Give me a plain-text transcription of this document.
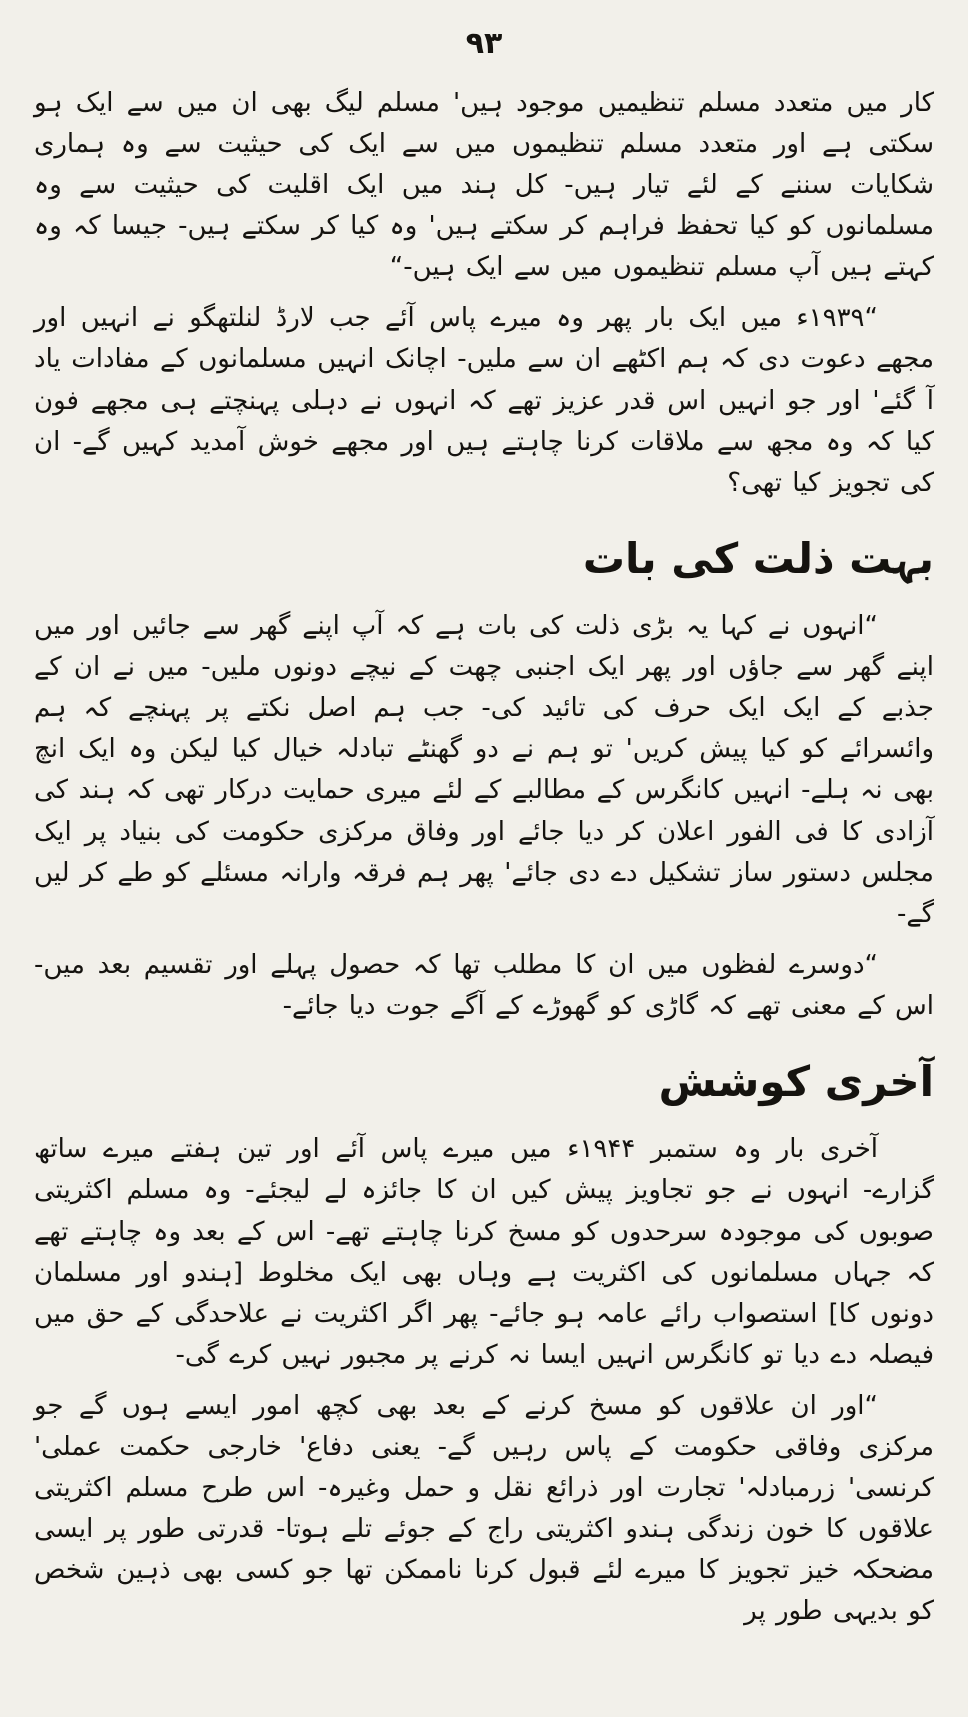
۹۳

کار میں متعدد مسلم تنظیمیں موجود ہیں' مسلم لیگ بھی ان میں سے ایک ہو سکتی ہے اور متعدد مسلم تنظیموں میں سے ایک کی حیثیت سے وہ ہماری شکایات سننے کے لئے تیار ہیں- کل ہند میں ایک اقلیت کی حیثیت سے وہ مسلمانوں کو کیا تحفظ فراہم کر سکتے ہیں' وہ کیا کر سکتے ہیں- جیسا کہ وہ کہتے ہیں آپ مسلم تنظیموں میں سے ایک ہیں-“

“۱۹۳۹ء میں ایک بار پھر وہ میرے پاس آئے جب لارڈ لنلتھگو نے انہیں اور مجھے دعوت دی کہ ہم اکٹھے ان سے ملیں- اچانک انہیں مسلمانوں کے مفادات یاد آ گئے' اور جو انہیں اس قدر عزیز تھے کہ انہوں نے دہلی پہنچتے ہی مجھے فون کیا کہ وہ مجھ سے ملاقات کرنا چاہتے ہیں اور مجھے خوش آمدید کہیں گے- ان کی تجویز کیا تھی؟

بہت ذلت کی بات

“انہوں نے کہا یہ بڑی ذلت کی بات ہے کہ آپ اپنے گھر سے جائیں اور میں اپنے گھر سے جاؤں اور پھر ایک اجنبی چھت کے نیچے دونوں ملیں- میں نے ان کے جذبے کے ایک ایک حرف کی تائید کی- جب ہم اصل نکتے پر پہنچے کہ ہم وائسرائے کو کیا پیش کریں' تو ہم نے دو گھنٹے تبادلہ خیال کیا لیکن وہ ایک انچ بھی نہ ہلے- انہیں کانگرس کے مطالبے کے لئے میری حمایت درکار تھی کہ ہند کی آزادی کا فی الفور اعلان کر دیا جائے اور وفاق مرکزی حکومت کی بنیاد پر ایک مجلس دستور ساز تشکیل دے دی جائے' پھر ہم فرقہ وارانہ مسئلے کو طے کر لیں گے-

“دوسرے لفظوں میں ان کا مطلب تھا کہ حصول پہلے اور تقسیم بعد میں- اس کے معنی تھے کہ گاڑی کو گھوڑے کے آگے جوت دیا جائے-

آخری کوشش

آخری بار وہ ستمبر ۱۹۴۴ء میں میرے پاس آئے اور تین ہفتے میرے ساتھ گزارے- انہوں نے جو تجاویز پیش کیں ان کا جائزہ لے لیجئے- وہ مسلم اکثریتی صوبوں کی موجودہ سرحدوں کو مسخ کرنا چاہتے تھے- اس کے بعد وہ چاہتے تھے کہ جہاں مسلمانوں کی اکثریت ہے وہاں بھی ایک مخلوط [ہندو اور مسلمان دونوں کا] استصواب رائے عامہ ہو جائے- پھر اگر اکثریت نے علاحدگی کے حق میں فیصلہ دے دیا تو کانگرس انہیں ایسا نہ کرنے پر مجبور نہیں کرے گی-

“اور ان علاقوں کو مسخ کرنے کے بعد بھی کچھ امور ایسے ہوں گے جو مرکزی وفاقی حکومت کے پاس رہیں گے- یعنی دفاع' خارجی حکمت عملی' کرنسی' زرمبادلہ' تجارت اور ذرائع نقل و حمل وغیرہ- اس طرح مسلم اکثریتی علاقوں کا خون زندگی ہندو اکثریتی راج کے جوئے تلے ہوتا- قدرتی طور پر ایسی مضحکہ خیز تجویز کا میرے لئے قبول کرنا ناممکن تھا جو کسی بھی ذہین شخص کو بدیہی طور پر
